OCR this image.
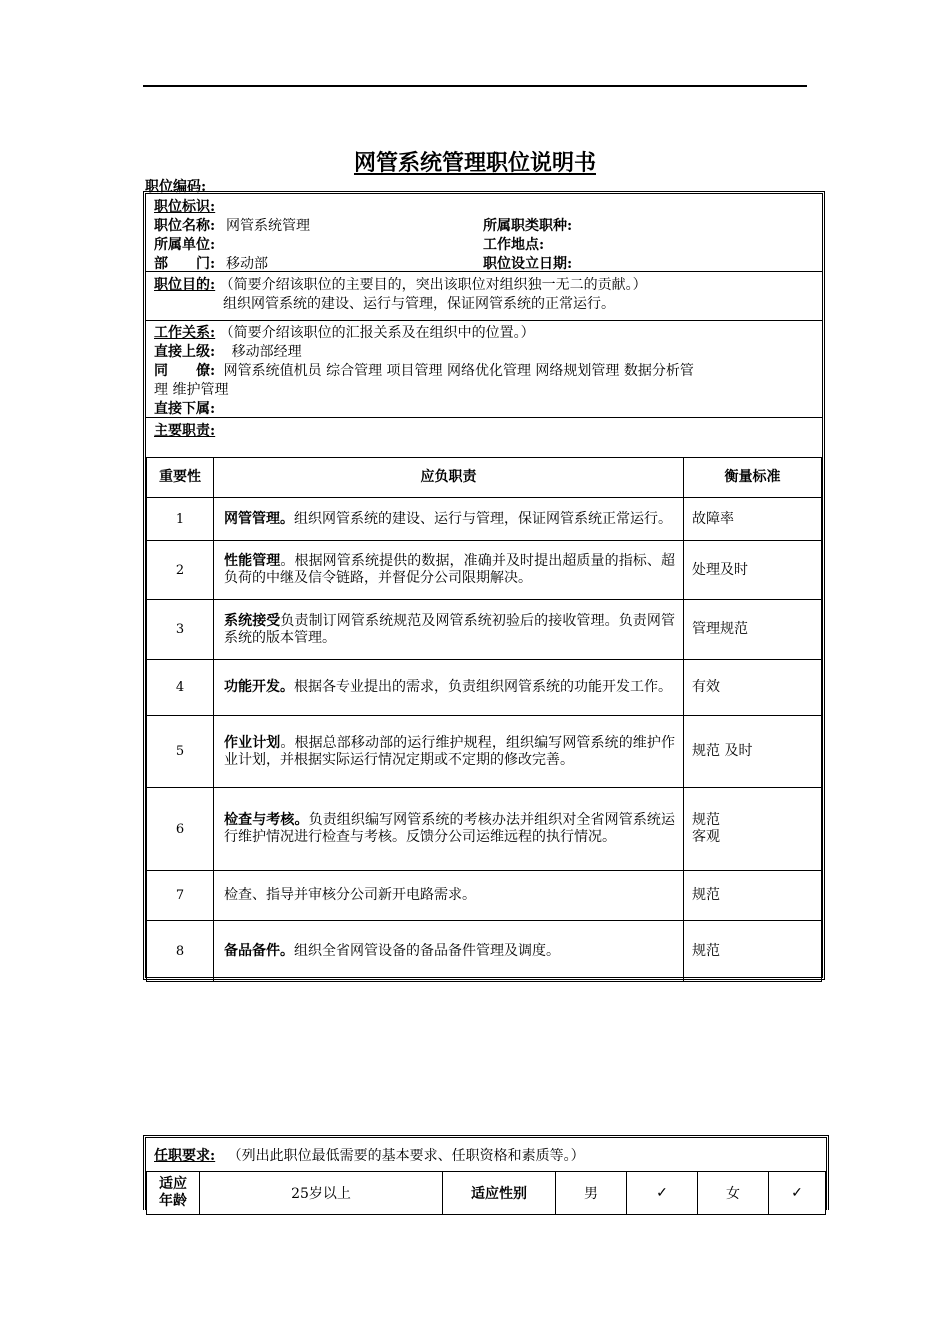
网管系统管理职位说明书
职位编码:
职位标识:
职位名称: 网管系统管理	所属职类职种:
所属单位:	工作地点:
部　　门: 移动部	职位设立日期:
职位目的: （简要介绍该职位的主要目的，突出该职位对组织独一无二的贡献。）
组织网管系统的建设、运行与管理，保证网管系统的正常运行。
工作关系: （简要介绍该职位的汇报关系及在组织中的位置。）
直接上级: 移动部经理
同　　僚: 网管系统值机员 综合管理 项目管理 网络优化管理 网络规划管理 数据分析管
理 维护管理
直接下属:
主要职责:
重要性	应负职责	衡量标准
1	网管管理。组织网管系统的建设、运行与管理，保证网管系统正常运行。	故障率
2	性能管理。根据网管系统提供的数据，准确并及时提出超质量的指标、超负荷的中继及信令链路，并督促分公司限期解决。	处理及时
3	系统接受负责制订网管系统规范及网管系统初验后的接收管理。负责网管系统的版本管理。	管理规范
4	功能开发。根据各专业提出的需求，负责组织网管系统的功能开发工作。	有效
5	作业计划。根据总部移动部的运行维护规程，组织编写网管系统的维护作业计划，并根据实际运行情况定期或不定期的修改完善。	规范 及时
6	检查与考核。负责组织编写网管系统的考核办法并组织对全省网管系统运行维护情况进行检查与考核。反馈分公司运维远程的执行情况。	规范
客观
7	检查、指导并审核分公司新开电路需求。	规范
8	备品备件。组织全省网管设备的备品备件管理及调度。	规范
任职要求: （列出此职位最低需要的基本要求、任职资格和素质等。）
适应
年龄	25岁以上	适应性别	男	✓	女	✓
